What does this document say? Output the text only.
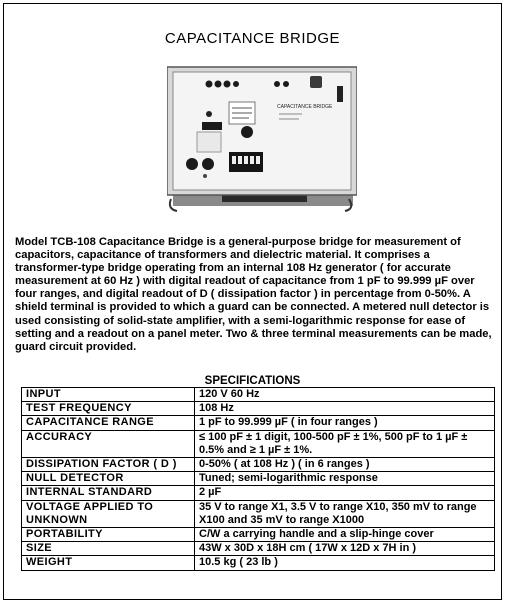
CAPACITANCE BRIDGE
CAPACITANCE BRIDGE
Model TCB-108 Capacitance Bridge is a general-purpose bridge for measurement of capacitors, capacitance of transformers and dielectric material. It comprises a transformer-type bridge operating from an internal 108 Hz generator ( for accurate measurement at 60 Hz ) with digital readout of capacitance from 1 pF to 99.999 µF over four ranges, and digital readout of D ( dissipation factor ) in percentage from 0-50%. A shield terminal is provided to which a guard can be connected. A metered null detector is used consisting of solid-state amplifier, with a semi-logarithmic response for ease of setting and a readout on a panel meter. Two & three terminal measurements can be made, guard circuit provided.
SPECIFICATIONS
INPUT	120 V 60 Hz
TEST FREQUENCY	108 Hz
CAPACITANCE RANGE	1 pF to 99.999 µF ( in four ranges )
ACCURACY	≤ 100 pF ± 1 digit, 100-500 pF ± 1%, 500 pF to 1 µF ± 0.5% and ≥ 1 µF ± 1%.
DISSIPATION FACTOR ( D )	0-50% ( at 108 Hz ) ( in 6 ranges )
NULL DETECTOR	Tuned; semi-logarithmic response
INTERNAL STANDARD	2 µF
VOLTAGE APPLIED TO UNKNOWN	35 V to range X1, 3.5 V to range X10, 350 mV to range X100 and 35 mV to range X1000
PORTABILITY	C/W a carrying handle and a slip-hinge cover
SIZE	43W x 30D x 18H cm ( 17W x 12D x 7H in )
WEIGHT	10.5 kg ( 23 lb )
